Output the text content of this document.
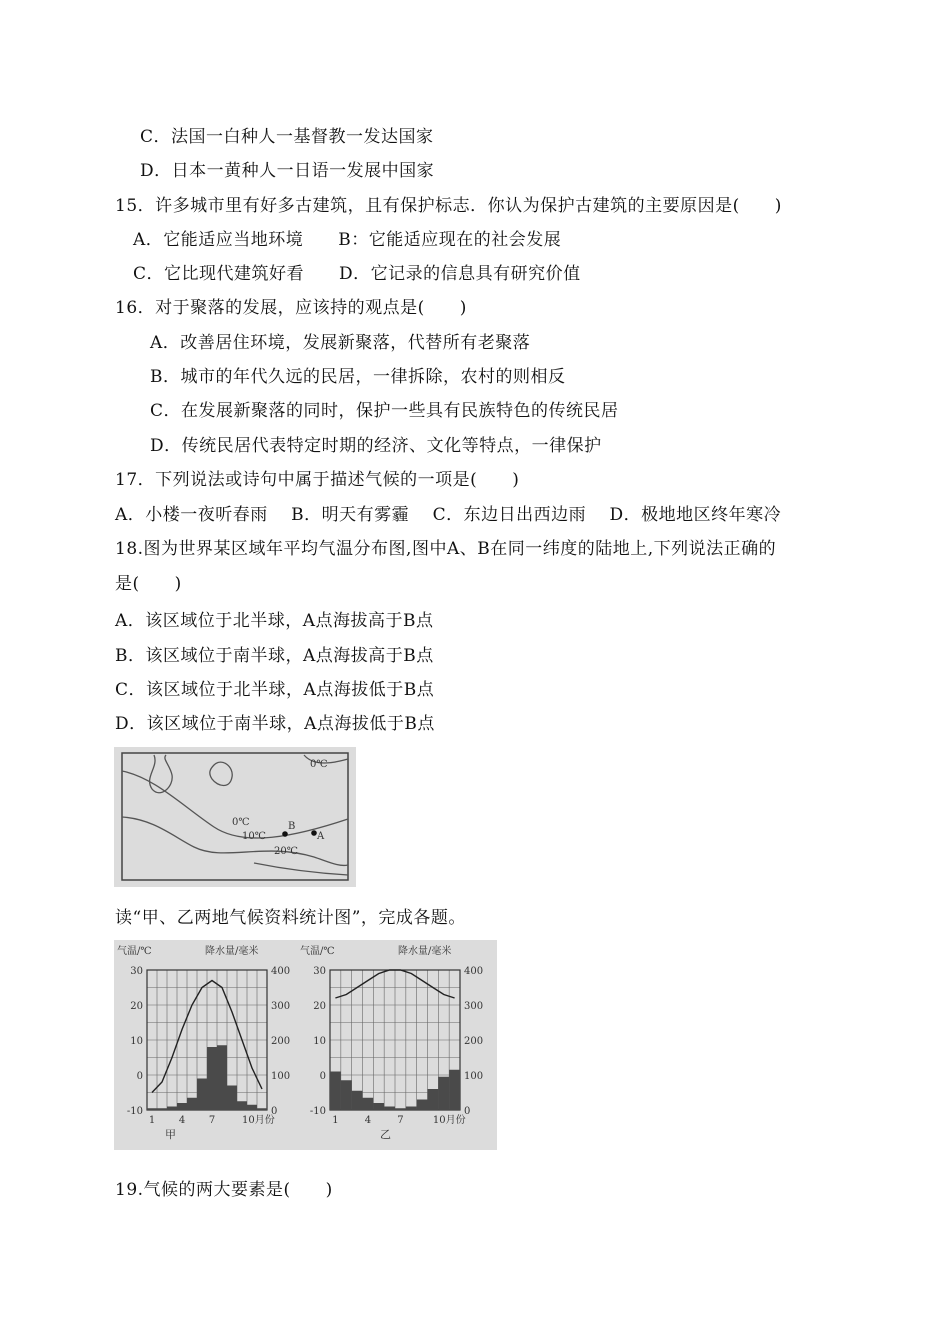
C．法国一白种人一基督教一发达国家
D．日本一黄种人一日语一发展中国家
15．许多城市里有好多古建筑，且有保护标志．你认为保护古建筑的主要原因是(　　)
A．它能适应当地环境　　B：它能适应现在的社会发展
C．它比现代建筑好看　　D．它记录的信息具有研究价值
16．对于聚落的发展，应该持的观点是(　　)
A．改善居住环境，发展新聚落，代替所有老聚落
B．城市的年代久远的民居，一律拆除，农村的则相反
C．在发展新聚落的同时，保护一些具有民族特色的传统民居
D．传统民居代表特定时期的经济、文化等特点，一律保护
17．下列说法或诗句中属于描述气候的一项是(　　)
A．小楼一夜听春雨　 B．明天有雾霾　 C．东边日出西边雨　 D．极地地区终年寒冷
18.图为世界某区域年平均气温分布图,图中A、B在同一纬度的陆地上,下列说法正确的
是(　　)
A．该区域位于北半球，A点海拔高于B点
B．该区域位于南半球，A点海拔高于B点
C．该区域位于北半球，A点海拔低于B点
D．该区域位于南半球，A点海拔低于B点
0℃
0℃
10℃
20℃
B
A
读“甲、乙两地气候资料统计图”，完成各题。
30
20
10
0
-10
400
300
200
100
0
气温/℃	降水量/毫米
1 4 7	10月份
甲
30
20
10
0
-10
400
300
200
100
0
气温/℃	降水量/毫米
1	4	7	10月份
乙
19.气候的两大要素是(　　)
